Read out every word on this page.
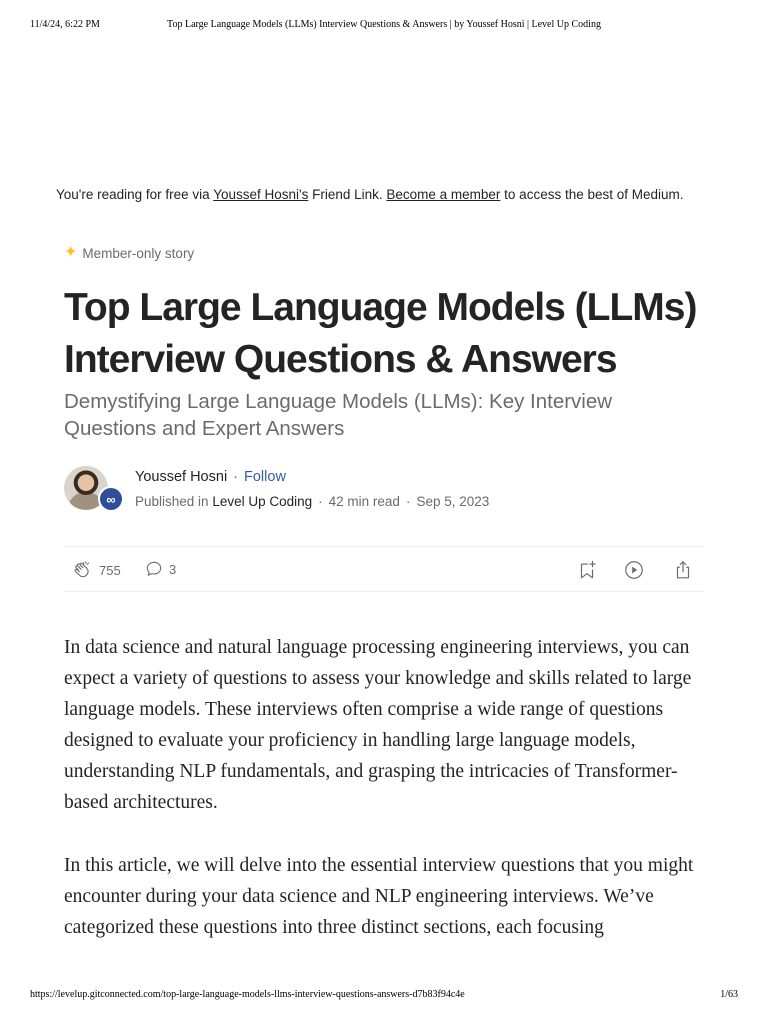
11/4/24, 6:22 PM	Top Large Language Models (LLMs) Interview Questions & Answers | by Youssef Hosni | Level Up Coding
You're reading for free via Youssef Hosni's Friend Link. Become a member to access the best of Medium.
✦ Member-only story
Top Large Language Models (LLMs) Interview Questions & Answers
Demystifying Large Language Models (LLMs): Key Interview Questions and Expert Answers
∞
Youssef Hosni · Follow
Published in Level Up Coding · 42 min read · Sep 5, 2023
755	3

In data science and natural language processing engineering interviews, you can expect a variety of questions to assess your knowledge and skills related to large language models. These interviews often comprise a wide range of questions designed to evaluate your proficiency in handling large language models, understanding NLP fundamentals, and grasping the intricacies of Transformer-based architectures.

In this article, we will delve into the essential interview questions that you might encounter during your data science and NLP engineering interviews. We’ve categorized these questions into three distinct sections, each focusing

https://levelup.gitconnected.com/top-large-language-models-llms-interview-questions-answers-d7b83f94c4e	1/63
